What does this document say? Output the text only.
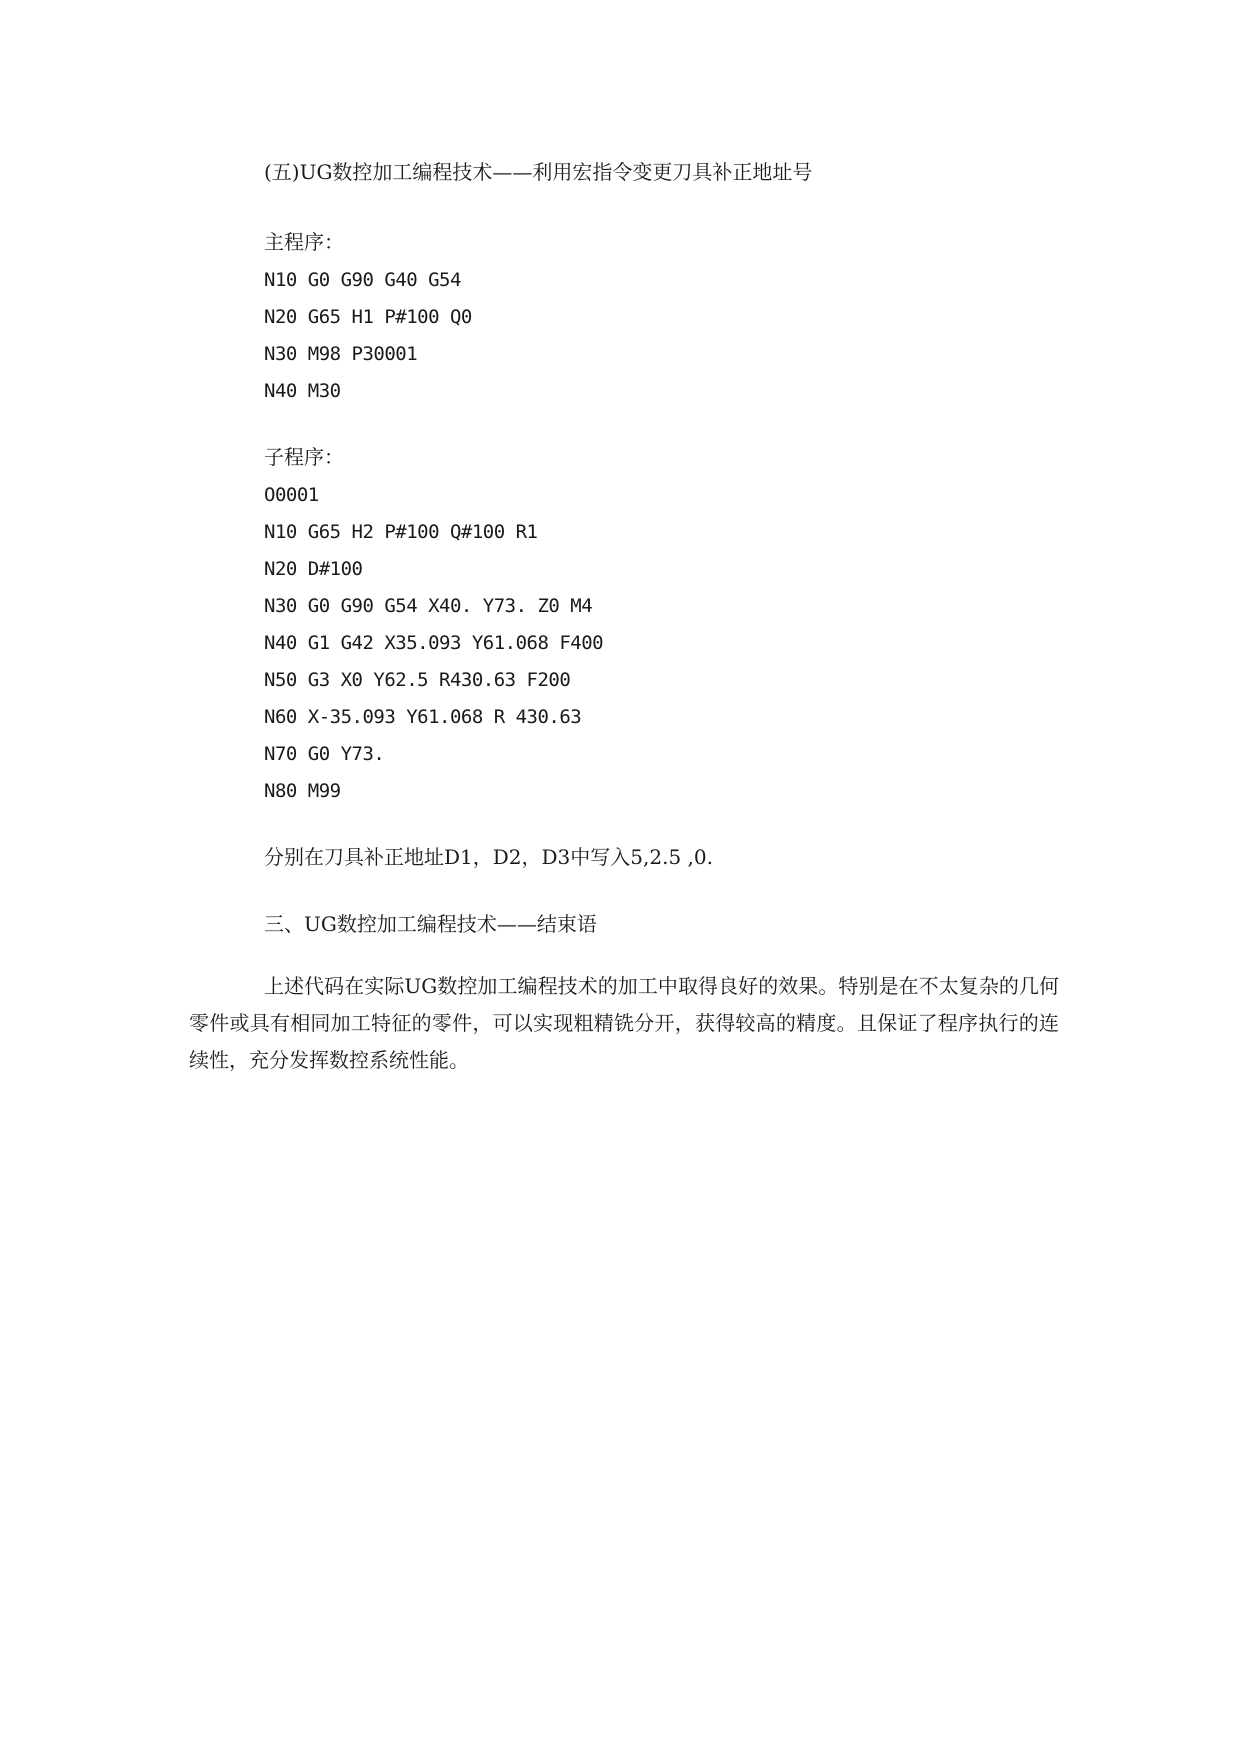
(五)UG数控加工编程技术——利用宏指令变更刀具补正地址号
主程序：
N10 G0 G90 G40 G54
N20 G65 H1 P#100 Q0
N30 M98 P30001
N40 M30
子程序：
O0001
N10 G65 H2 P#100 Q#100 R1
N20 D#100
N30 G0 G90 G54 X40. Y73. Z0 M4
N40 G1 G42 X35.093 Y61.068 F400
N50 G3 X0 Y62.5 R430.63 F200
N60 X-35.093 Y61.068 R 430.63
N70 G0 Y73.
N80 M99
分别在刀具补正地址D1，D2，D3中写入5,2.5 ,0.
三、UG数控加工编程技术——结束语
上述代码在实际UG数控加工编程技术的加工中取得良好的效果。特别是在不太复杂的几何零件或具有相同加工特征的零件，可以实现粗精铣分开，获得较高的精度。且保证了程序执行的连续性，充分发挥数控系统性能。
